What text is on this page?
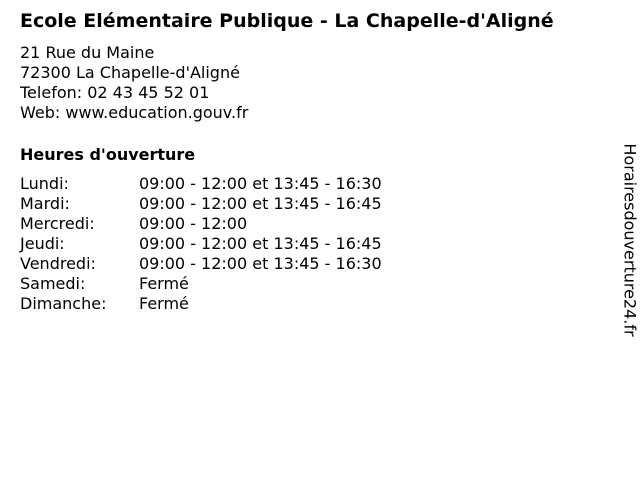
Ecole Elémentaire Publique - La Chapelle-d'Aligné
21 Rue du Maine
72300 La Chapelle-d'Aligné
Telefon: 02 43 45 52 01
Web: www.education.gouv.fr
Heures d'ouverture
Lundi:	09:00 - 12:00 et 13:45 - 16:30
Mardi:	09:00 - 12:00 et 13:45 - 16:45
Mercredi:	09:00 - 12:00
Jeudi:	09:00 - 12:00 et 13:45 - 16:45
Vendredi:	09:00 - 12:00 et 13:45 - 16:30
Samedi:	Fermé
Dimanche:	Fermé	Horairesdouverture24.fr
